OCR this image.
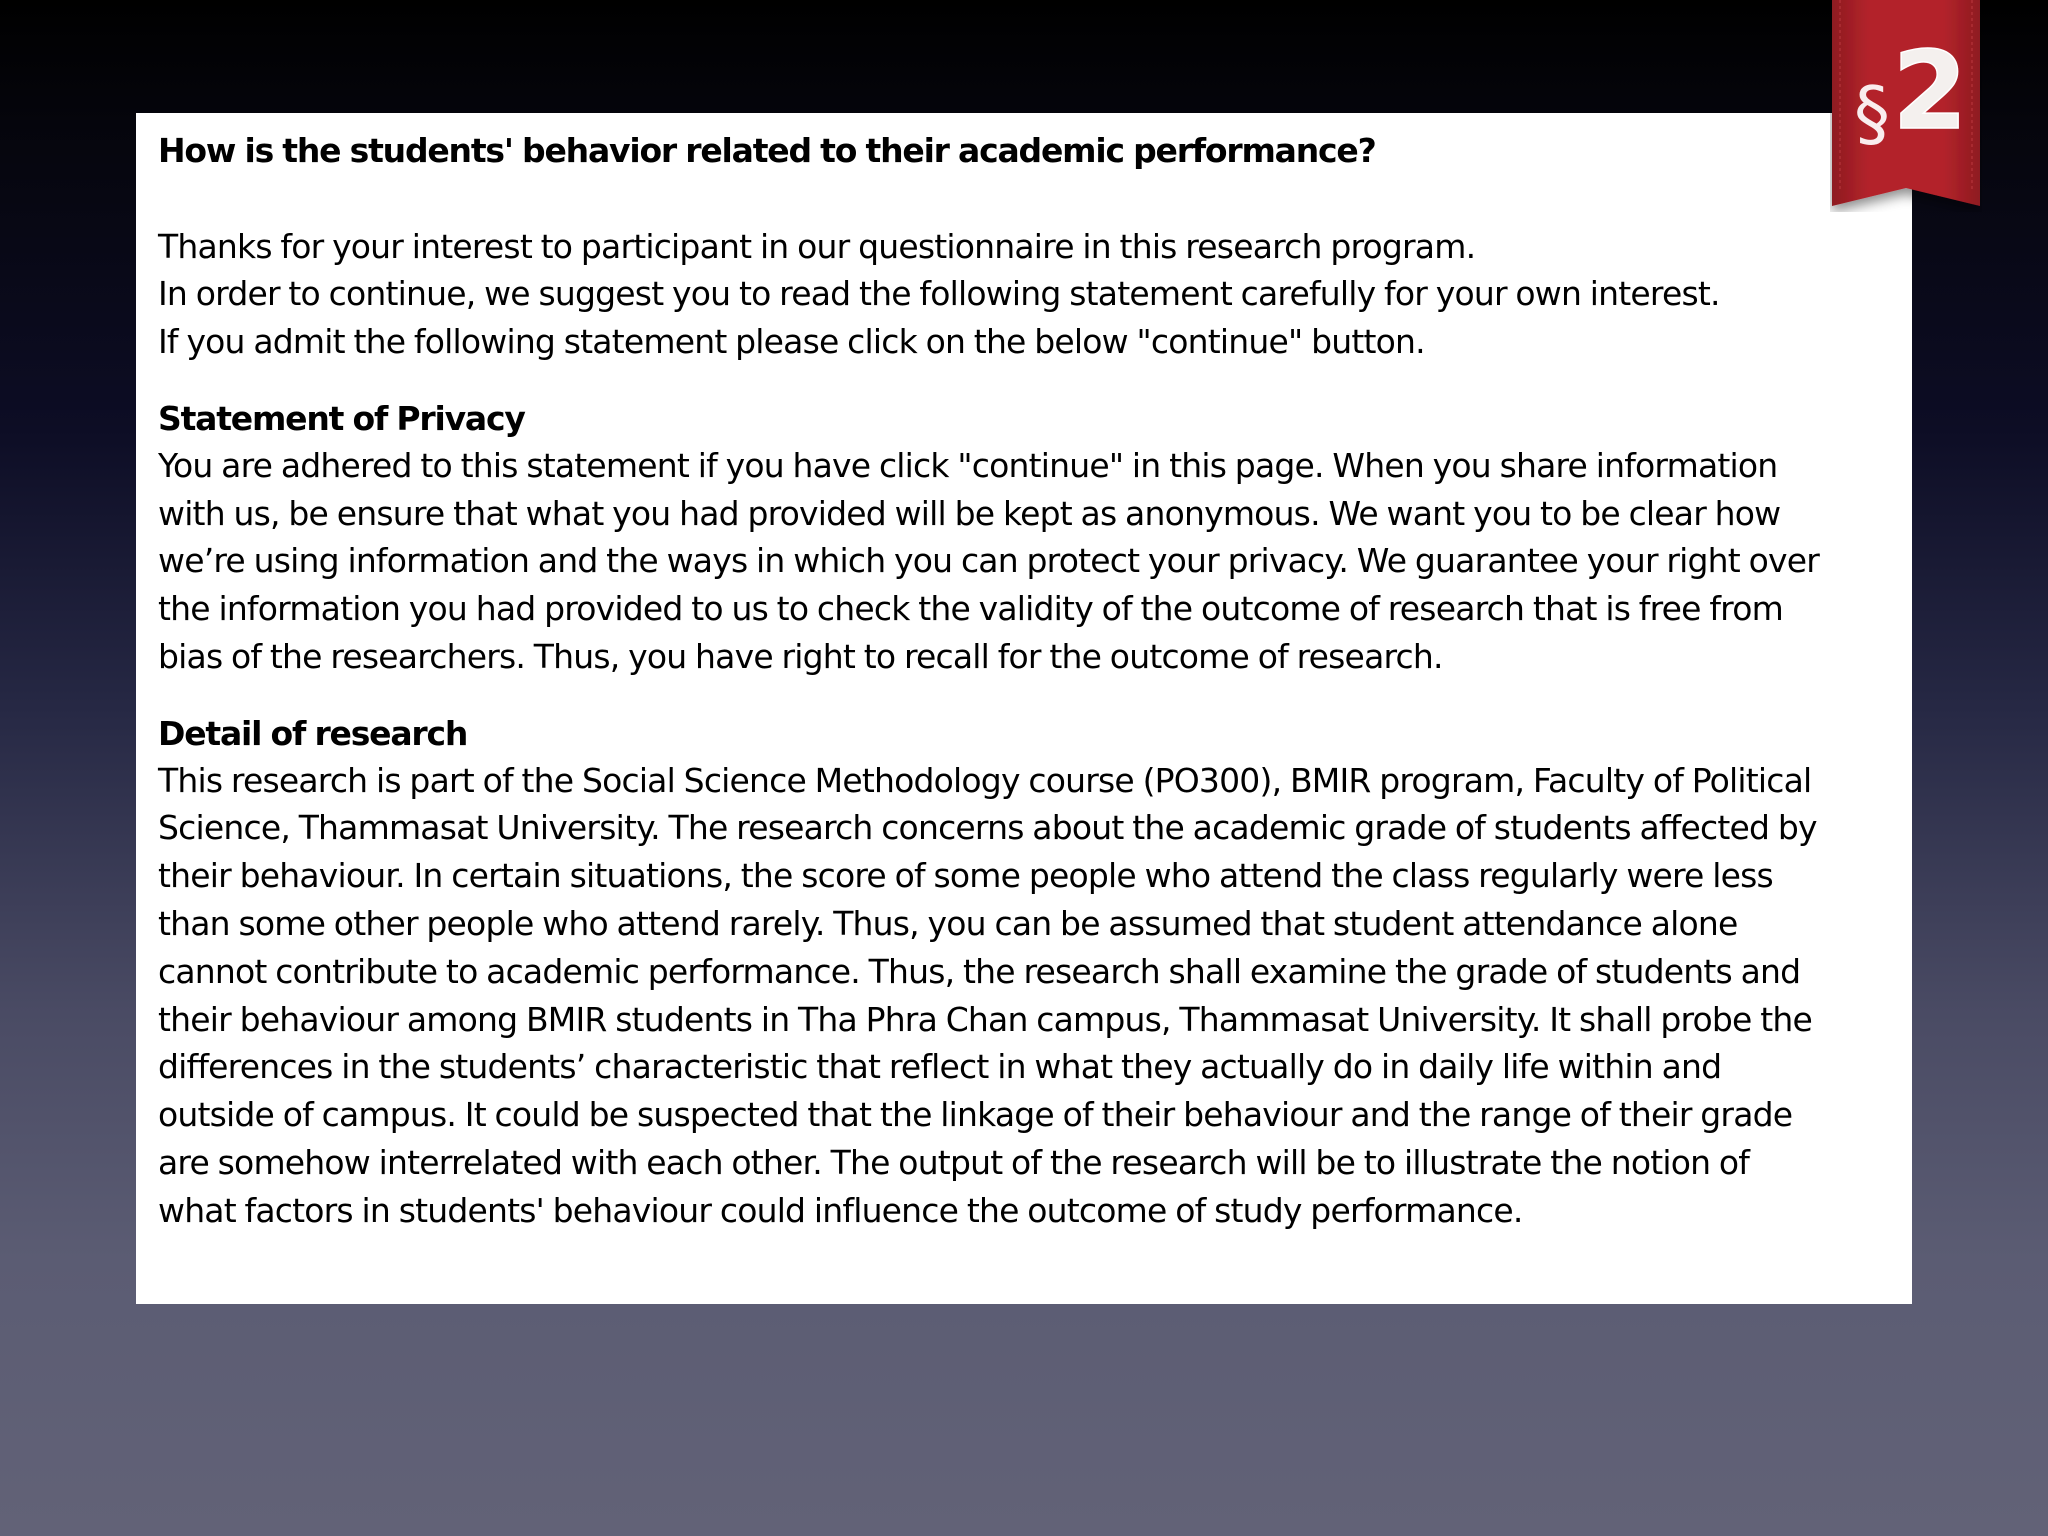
How is the students' behavior related to their academic performance?

Thanks for your interest to participant in our questionnaire in this research program.

In order to continue, we suggest you to read the following statement carefully for your own interest.

If you admit the following statement please click on the below "continue" button.

Statement of Privacy

You are adhered to this statement if you have click "continue" in this page. When you share information

with us, be ensure that what you had provided will be kept as anonymous. We want you to be clear how

we’re using information and the ways in which you can protect your privacy. We guarantee your right over

the information you had provided to us to check the validity of the outcome of research that is free from

bias of the researchers. Thus, you have right to recall for the outcome of research.

Detail of research

This research is part of the Social Science Methodology course (PO300), BMIR program, Faculty of Political

Science, Thammasat University. The research concerns about the academic grade of students affected by

their behaviour. In certain situations, the score of some people who attend the class regularly were less

than some other people who attend rarely. Thus, you can be assumed that student attendance alone

cannot contribute to academic performance. Thus, the research shall examine the grade of students and

their behaviour among BMIR students in Tha Phra Chan campus, Thammasat University. It shall probe the

differences in the students’ characteristic that reflect in what they actually do in daily life within and

outside of campus. It could be suspected that the linkage of their behaviour and the range of their grade

are somehow interrelated with each other. The output of the research will be to illustrate the notion of

what factors in students' behaviour could influence the outcome of study performance.

§ 2
